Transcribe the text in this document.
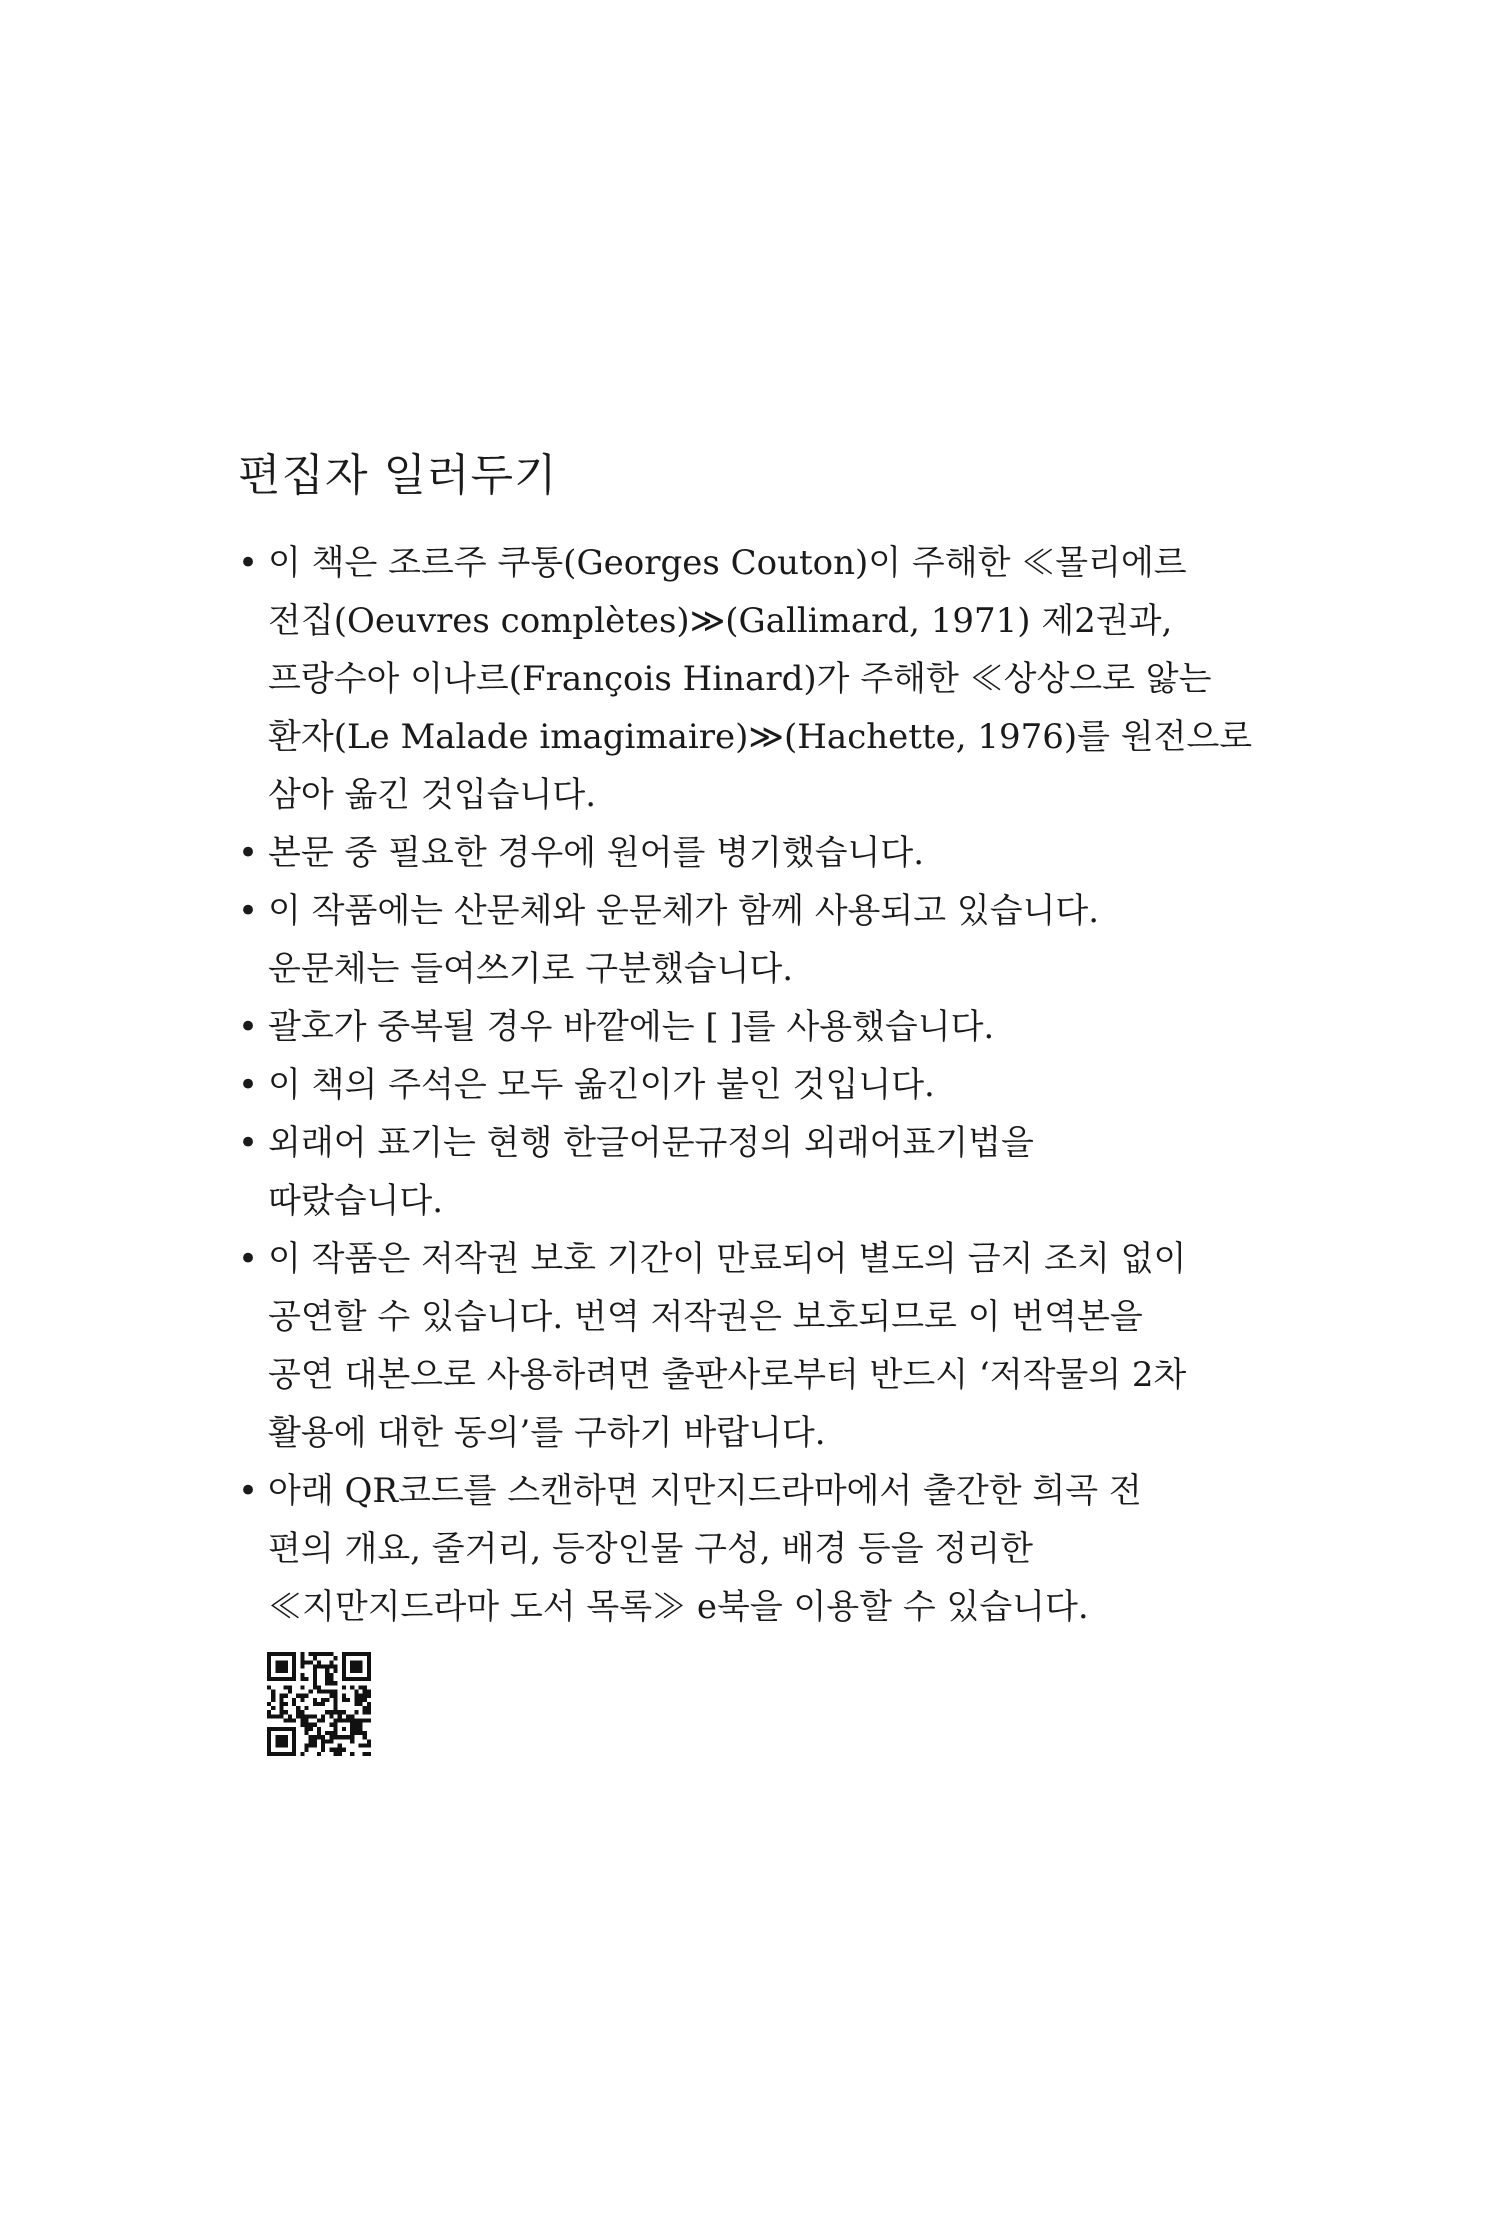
편집자 일러두기
• 이 책은 조르주 쿠통(Georges Couton)이 주해한 ≪몰리에르
전집(Oeuvres complètes)≫(Gallimard, 1971) 제2권과,
프랑수아 이나르(François Hinard)가 주해한 ≪상상으로 앓는
환자(Le Malade imagimaire)≫(Hachette, 1976)를 원전으로
삼아 옮긴 것입습니다.
• 본문 중 필요한 경우에 원어를 병기했습니다.
• 이 작품에는 산문체와 운문체가 함께 사용되고 있습니다.
운문체는 들여쓰기로 구분했습니다.
• 괄호가 중복될 경우 바깥에는 [ ]를 사용했습니다.
• 이 책의 주석은 모두 옮긴이가 붙인 것입니다.
• 외래어 표기는 현행 한글어문규정의 외래어표기법을
따랐습니다.
• 이 작품은 저작권 보호 기간이 만료되어 별도의 금지 조치 없이
공연할 수 있습니다. 번역 저작권은 보호되므로 이 번역본을
공연 대본으로 사용하려면 출판사로부터 반드시 ‘저작물의 2차
활용에 대한 동의’를 구하기 바랍니다.
• 아래 QR코드를 스캔하면 지만지드라마에서 출간한 희곡 전
편의 개요, 줄거리, 등장인물 구성, 배경 등을 정리한
≪지만지드라마 도서 목록≫ e북을 이용할 수 있습니다.
